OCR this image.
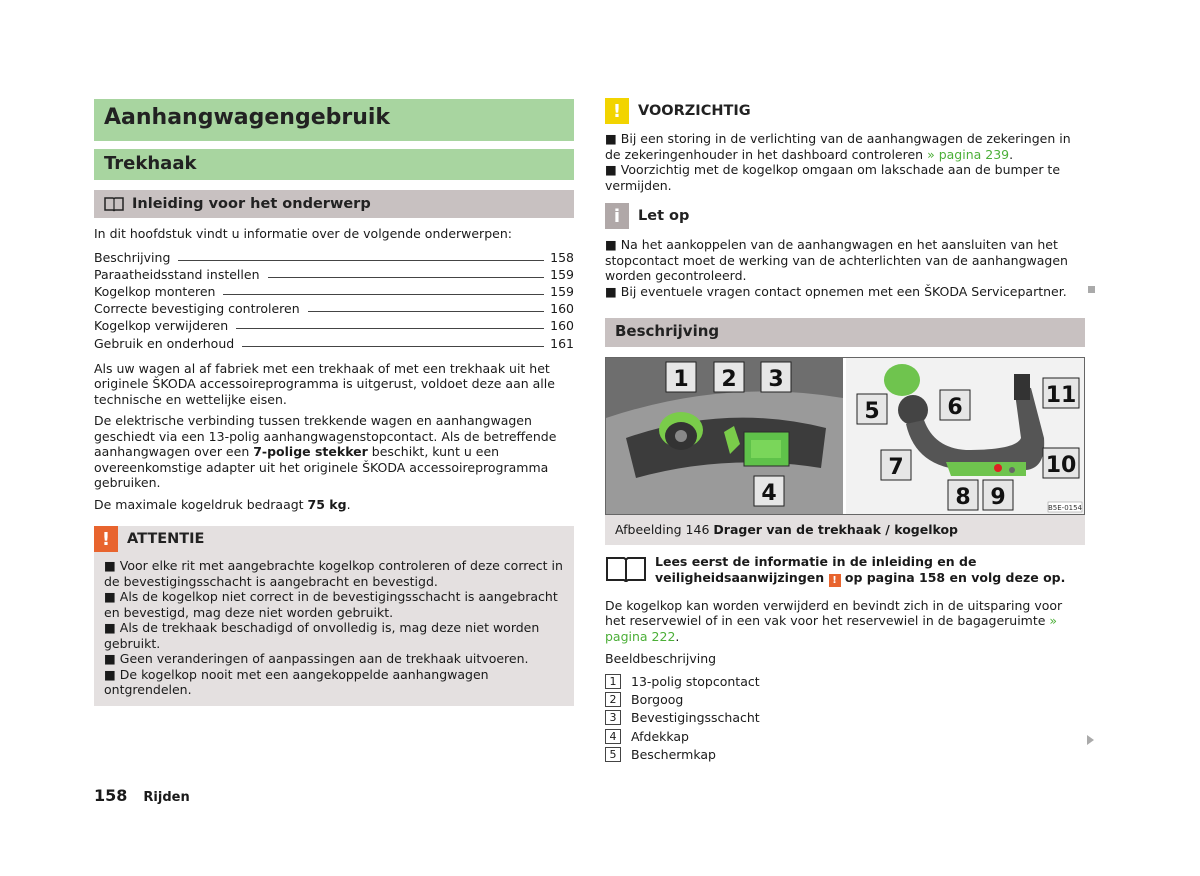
Aanhangwagengebruik
Trekhaak
Inleiding voor het onderwerp
In dit hoofdstuk vindt u informatie over de volgende onderwerpen:
Beschrijving	158
Paraatheidsstand instellen	159
Kogelkop monteren	159
Correcte bevestiging controleren	160
Kogelkop verwijderen	160
Gebruik en onderhoud	161
Als uw wagen al af fabriek met een trekhaak of met een trekhaak uit het originele ŠKODA accessoireprogramma is uitgerust, voldoet deze aan alle technische en wettelijke eisen.
De elektrische verbinding tussen trekkende wagen en aanhangwagen geschiedt via een 13-polig aanhangwagenstopcontact. Als de betreffende aanhangwagen over een 7-polige stekker beschikt, kunt u een overeenkomstige adapter uit het originele ŠKODA accessoireprogramma gebruiken.
De maximale kogeldruk bedraagt 75 kg.
!	ATTENTIE
■ Voor elke rit met aangebrachte kogelkop controleren of deze correct in de bevestigingsschacht is aangebracht en bevestigd.
■ Als de kogelkop niet correct in de bevestigingsschacht is aangebracht en bevestigd, mag deze niet worden gebruikt.
■ Als de trekhaak beschadigd of onvolledig is, mag deze niet worden gebruikt.
■ Geen veranderingen of aanpassingen aan de trekhaak uitvoeren.
■ De kogelkop nooit met een aangekoppelde aanhangwagen ontgrendelen.
!	VOORZICHTIG
■ Bij een storing in de verlichting van de aanhangwagen de zekeringen in de zekeringenhouder in het dashboard controleren » pagina 239.
■ Voorzichtig met de kogelkop omgaan om lakschade aan de bumper te vermijden.
i	Let op
■ Na het aankoppelen van de aanhangwagen en het aansluiten van het stopcontact moet de werking van de achterlichten van de aanhangwagen worden gecontroleerd.
■ Bij eventuele vragen contact opnemen met een ŠKODA Servicepartner.
Beschrijving
1 2 3
4
5	6
7
8 9
10
11
B5E-0154
Afbeelding 146 Drager van de trekhaak / kogelkop
Lees eerst de informatie in de inleiding en de veiligheidsaanwijzingen ! op pagina 158 en volg deze op.
De kogelkop kan worden verwijderd en bevindt zich in de uitsparing voor het reservewiel of in een vak voor het reservewiel in de bagageruimte » pagina 222.
Beeldbeschrijving
1	13-polig stopcontact
2	Borgoog
3	Bevestigingsschacht
4	Afdekkap
5	Beschermkap
158 Rijden
